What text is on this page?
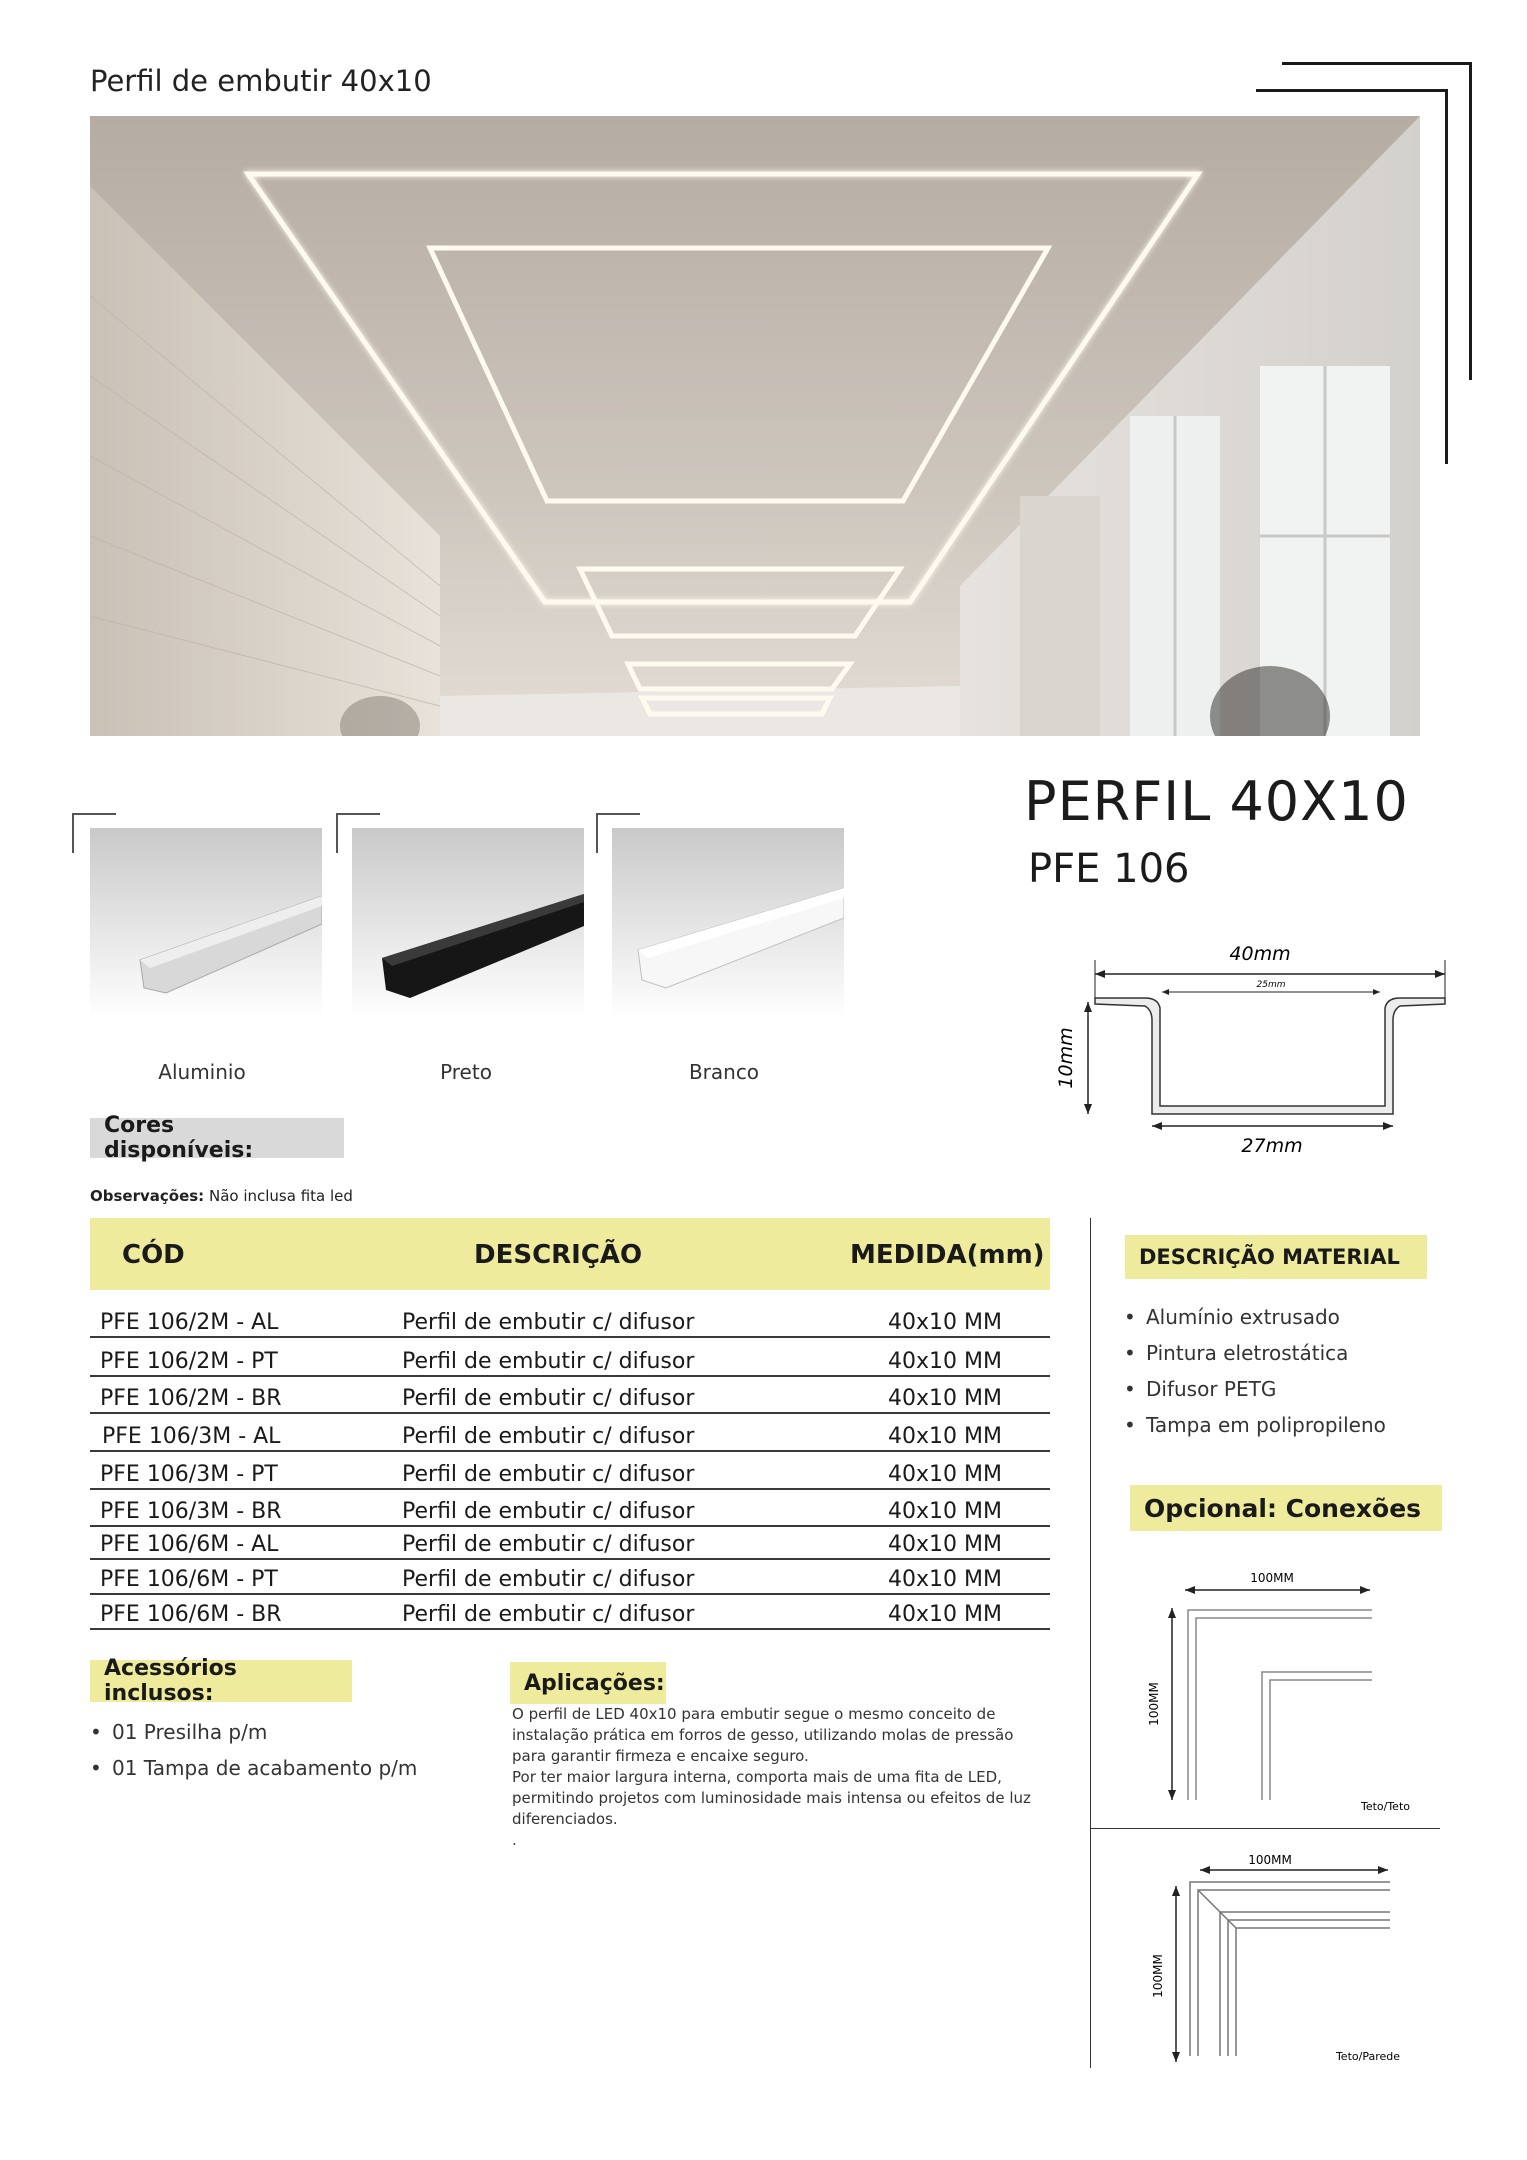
Perfil de embutir 40x10
Aluminio	Preto	Branco
PERFIL 40X10
PFE 106
40mm
25mm
10mm
27mm
Cores disponíveis:
Observações: Não inclusa fita led
CÓD	DESCRIÇÃO	MEDIDA(mm)
PFE 106/2M - AL	Perfil de embutir c/ difusor	40x10 MM
PFE 106/2M - PT	Perfil de embutir c/ difusor	40x10 MM
PFE 106/2M - BR	Perfil de embutir c/ difusor	40x10 MM
PFE 106/3M - AL	Perfil de embutir c/ difusor	40x10 MM
PFE 106/3M - PT	Perfil de embutir c/ difusor	40x10 MM
PFE 106/3M - BR	Perfil de embutir c/ difusor	40x10 MM
PFE 106/6M - AL	Perfil de embutir c/ difusor	40x10 MM
PFE 106/6M - PT	Perfil de embutir c/ difusor	40x10 MM
PFE 106/6M - BR	Perfil de embutir c/ difusor	40x10 MM
DESCRIÇÃO MATERIAL
• Alumínio extrusado
• Pintura eletrostática
• Difusor PETG
• Tampa em polipropileno
Opcional: Conexões
100MM
100MM
Teto/Teto
100MM
100MM
Teto/Parede
Acessórios inclusos:
• 01 Presilha p/m
• 01 Tampa de acabamento p/m
Aplicações:
O perfil de LED 40x10 para embutir segue o mesmo conceito de
instalação prática em forros de gesso, utilizando molas de pressão
para garantir firmeza e encaixe seguro.
Por ter maior largura interna, comporta mais de uma fita de LED,
permitindo projetos com luminosidade mais intensa ou efeitos de luz
diferenciados.
.
